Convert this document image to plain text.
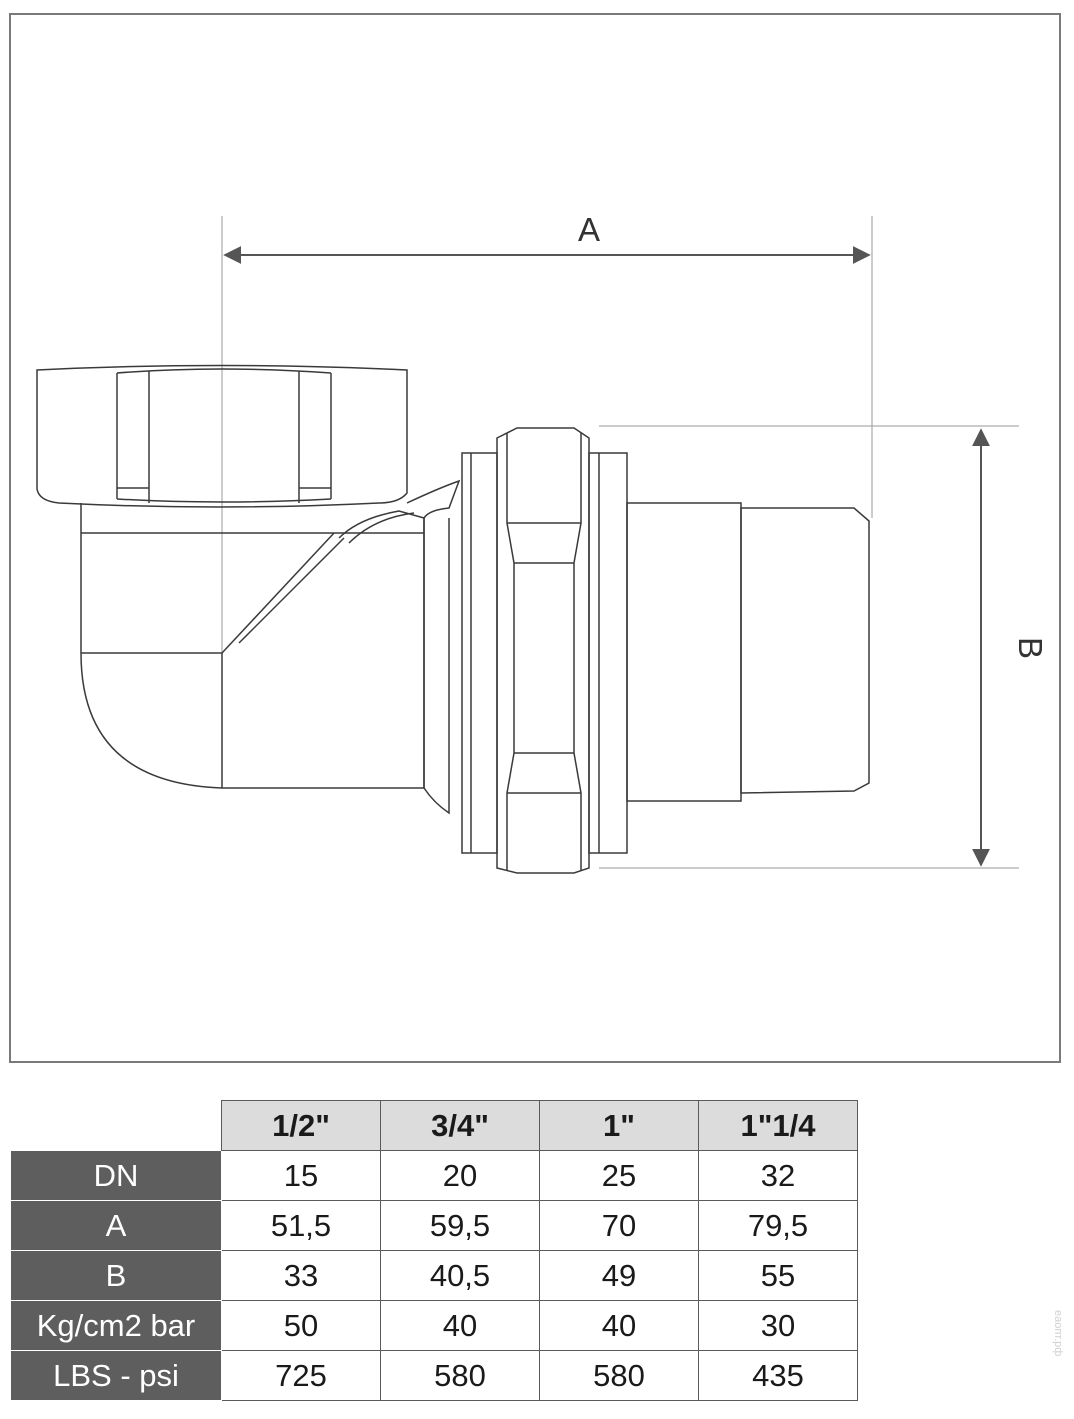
A
B
	1/2"	3/4"	1"	1"1/4
DN	15	20	25	32
A	51,5	59,5	70	79,5
B	33	40,5	49	55
Kg/cm2 bar	50	40	40	30
LBS - psi	725	580	580	435
еаопт.рф
